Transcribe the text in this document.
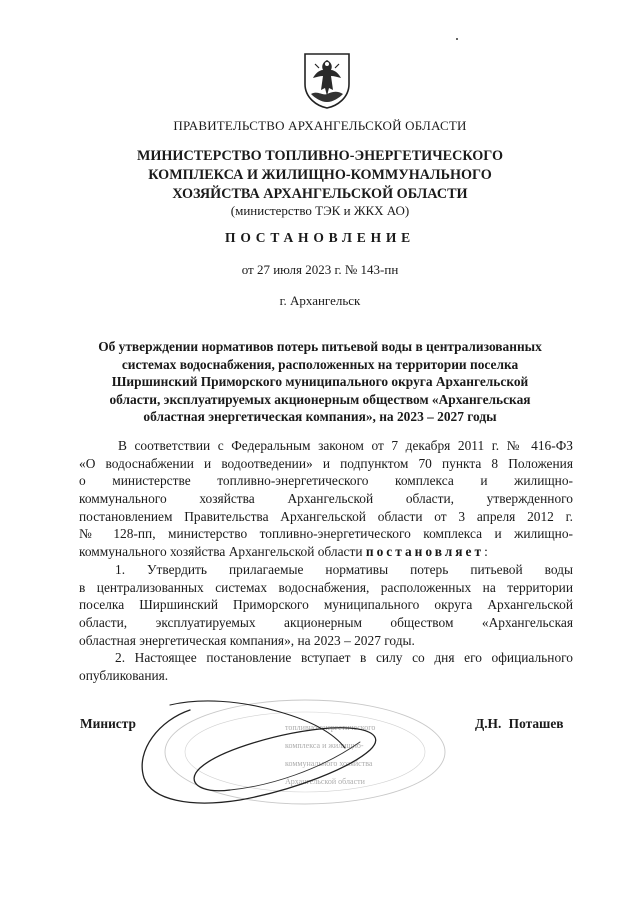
ПРАВИТЕЛЬСТВО АРХАНГЕЛЬСКОЙ ОБЛАСТИ
МИНИСТЕРСТВО ТОПЛИВНО-ЭНЕРГЕТИЧЕСКОГО
КОМПЛЕКСА И ЖИЛИЩНО-КОММУНАЛЬНОГО
ХОЗЯЙСТВА АРХАНГЕЛЬСКОЙ ОБЛАСТИ
(министерство ТЭК и ЖКХ АО)
ПОСТАНОВЛЕНИЕ
от 27 июля 2023 г. № 143-пн
г. Архангельск
Об утверждении нормативов потерь питьевой воды в централизованных
системах водоснабжения, расположенных на территории поселка
Ширшинский Приморского муниципального округа Архангельской
области, эксплуатируемых акционерным обществом «Архангельская
областная энергетическая компания», на 2023 – 2027 годы
В соответствии с Федеральным законом от 7 декабря 2011 г. № 416-ФЗ
«О водоснабжении и водоотведении» и подпунктом 70 пункта 8 Положения
о министерстве топливно-энергетического комплекса и жилищно-
коммунального хозяйства Архангельской области, утвержденного
постановлением Правительства Архангельской области от 3 апреля 2012 г.
№ 128-пп, министерство топливно-энергетического комплекса и жилищно-
коммунального хозяйства Архангельской области постановляет:
1. Утвердить прилагаемые нормативы потерь питьевой воды
в централизованных системах водоснабжения, расположенных на территории
поселка Ширшинский Приморского муниципального округа Архангельской
области, эксплуатируемых акционерным обществом «Архангельская
областная энергетическая компания», на 2023 – 2027 годы.
2. Настоящее постановление вступает в силу со дня его официального
опубликования.
топливно-энергетического
комплекса и жилищно-
коммунального хозяйства
Архангельской области
Министр	Д.Н. Поташев
